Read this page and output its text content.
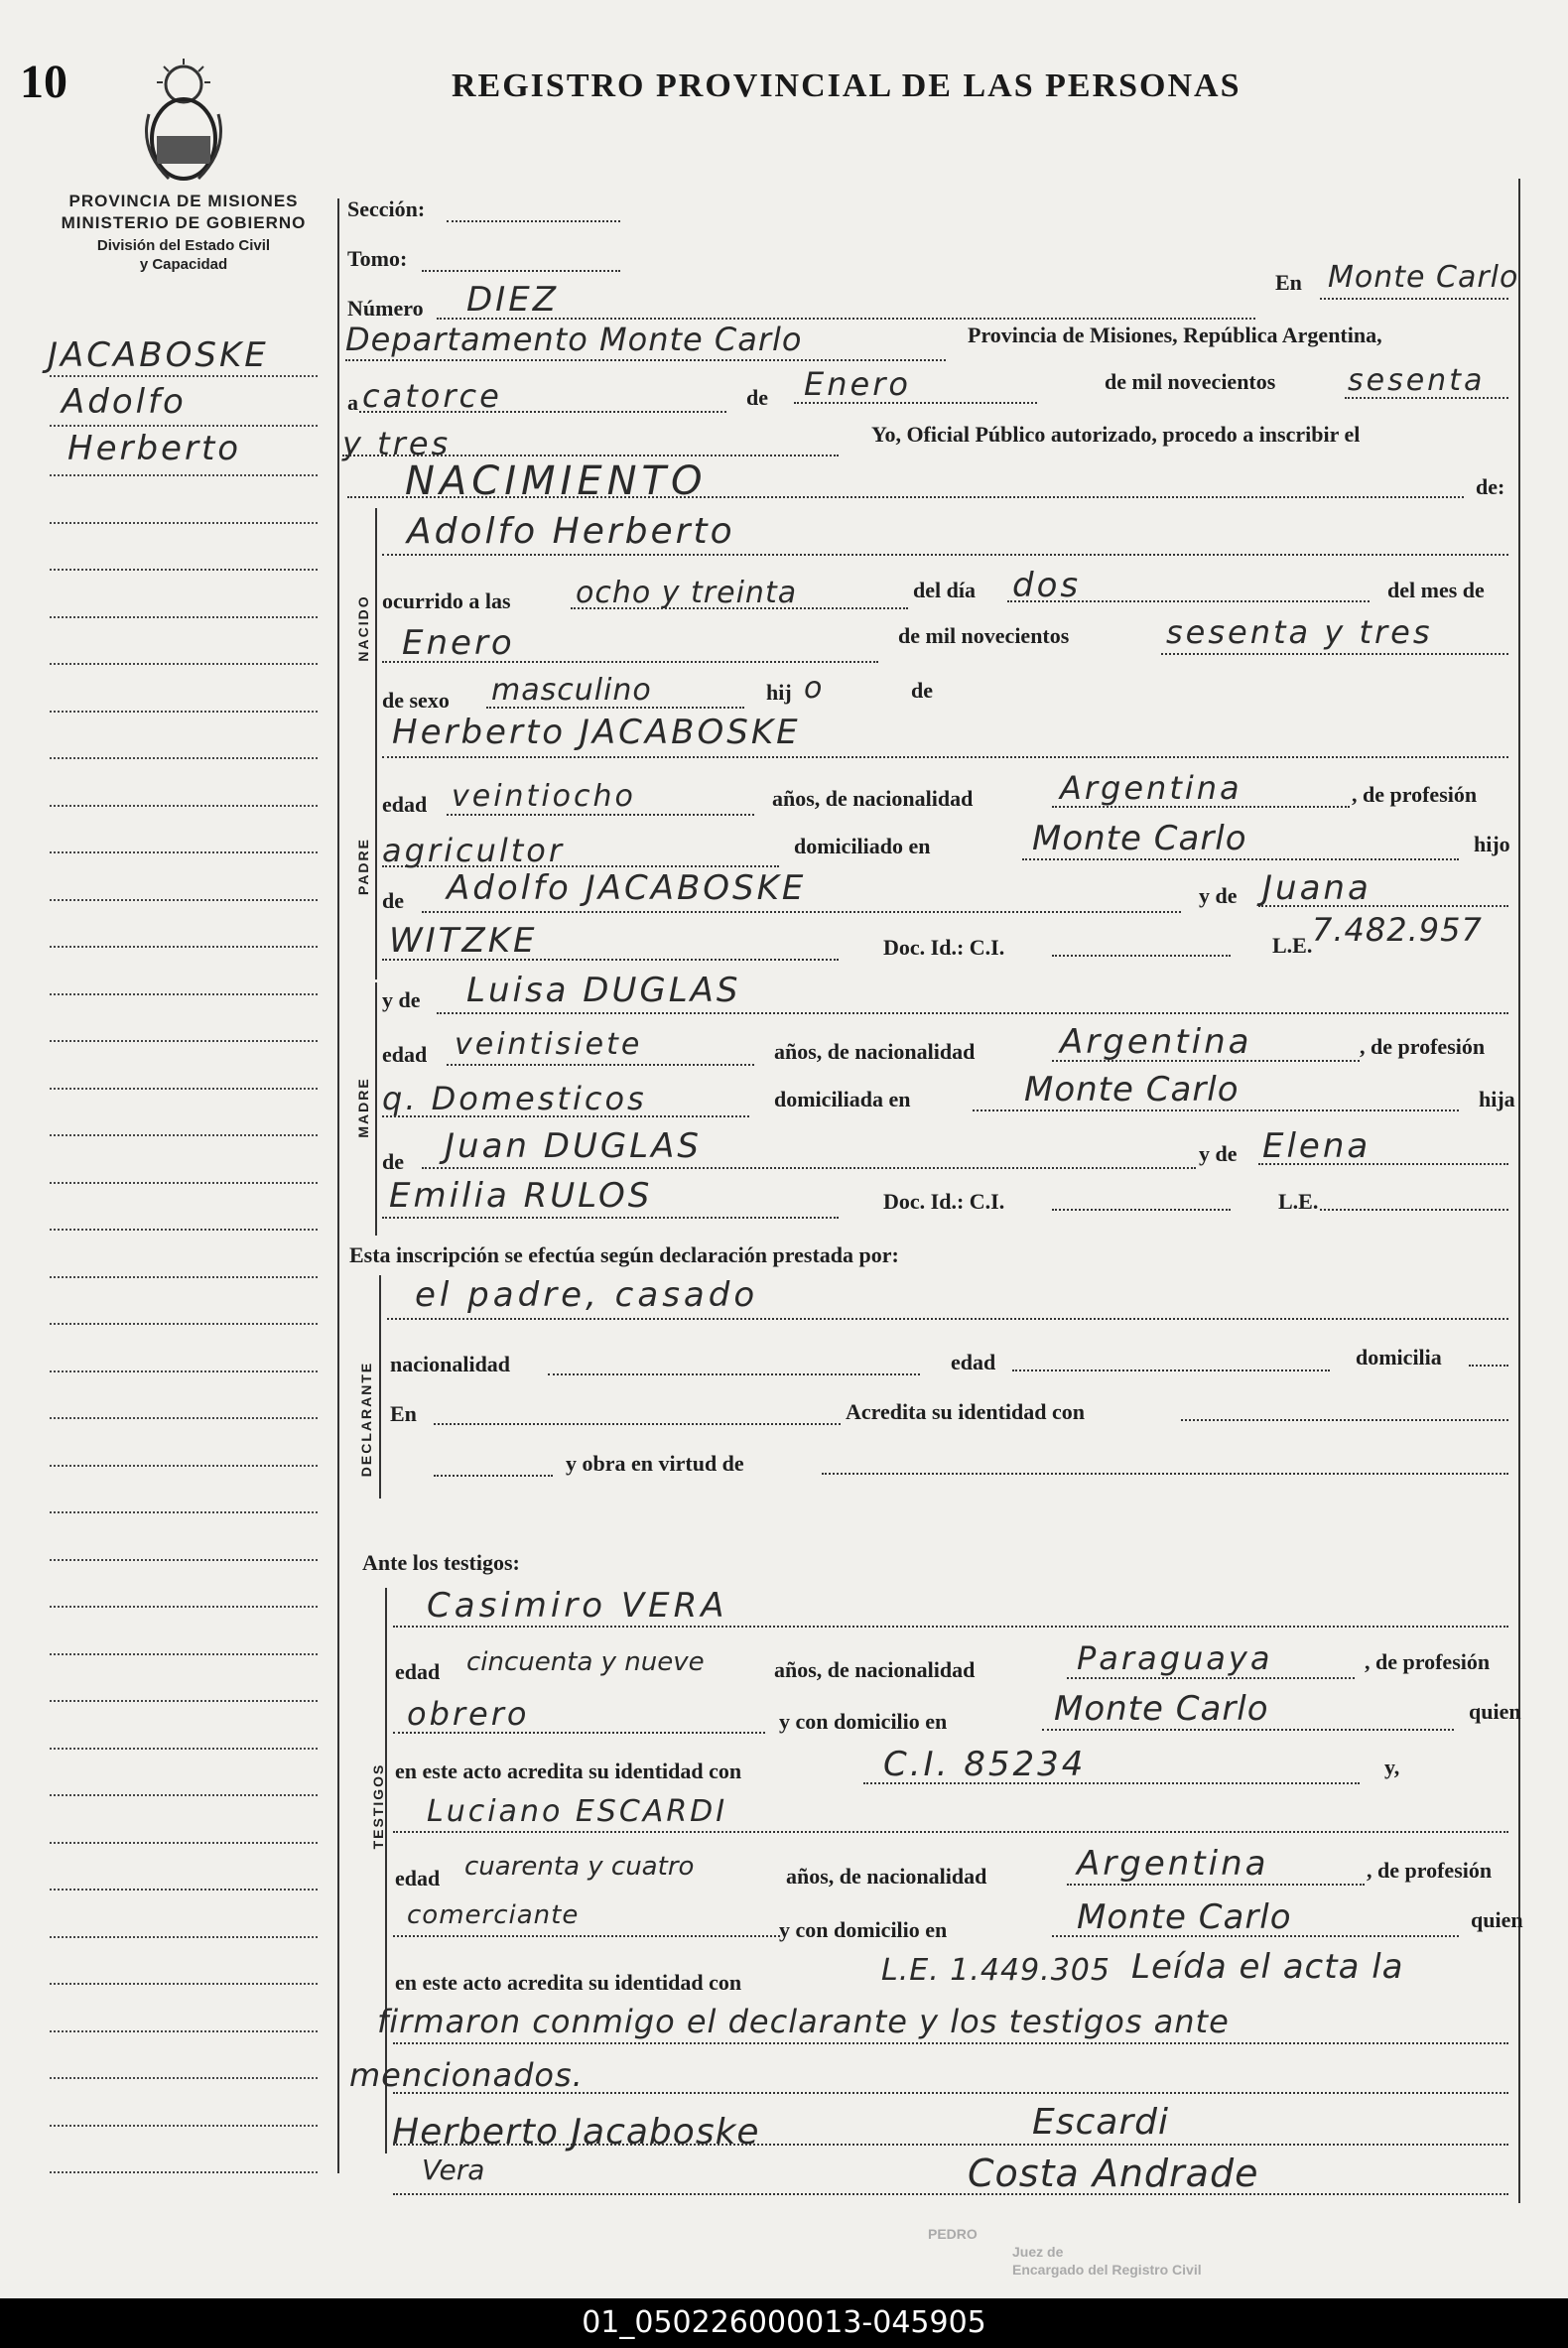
10	REGISTRO PROVINCIAL DE LAS PERSONAS
PROVINCIA DE MISIONES
MINISTERIO DE GOBIERNO
División del Estado Civil
y Capacidad
JACABOSKE
Adolfo
Herberto
Sección:
Tomo:
Número DIEZ	En Monte Carlo
Departamento Monte Carlo	Provincia de Misiones, República Argentina,
a catorce	de Enero	de mil novecientos sesenta
y tres	Yo, Oficial Público autorizado, procedo a inscribir el
NACIMIENTO	de:
NACIDO
Adolfo Herberto
ocurrido a las ocho y treinta	del día dos	del mes de
Enero	de mil novecientos	sesenta y tres
de sexo masculino	hij o	de
PADRE
Herberto JACABOSKE
edad veintiocho	años, de nacionalidad	Argentina	, de profesión
agricultor	domiciliado en	Monte Carlo	hijo
de Adolfo JACABOSKE	y de Juana
WITZKE	Doc. Id.: C.I.	L.E. 7.482.957
MADRE
y de Luisa DUGLAS
edad veintisiete	años, de nacionalidad	Argentina	, de profesión
q. Domesticos	domiciliada en	Monte Carlo	hija
de Juan DUGLAS	y de Elena
Emilia RULOS	Doc. Id.: C.I.	L.E.
Esta inscripción se efectúa según declaración prestada por:
DECLARANTE
el padre, casado
nacionalidad	edad	domicilia
En	Acredita su identidad con
y obra en virtud de
Ante los testigos:
TESTIGOS
Casimiro VERA
edad cincuenta y nueve	años, de nacionalidad	Paraguaya	, de profesión
obrero	y con domicilio en	Monte Carlo	quien
en este acto acredita su identidad con	C.I. 85234	y,
Luciano ESCARDI
edad cuarenta y cuatro	años, de nacionalidad	Argentina	, de profesión
comerciante	y con domicilio en	Monte Carlo	quien
en este acto acredita su identidad con	L.E. 1.449.305 Leída el acta la
firmaron conmigo el declarante y los testigos ante
mencionados.
Herberto Jacaboske
Vera
Escardi
Costa Andrade
PEDRO
Juez de
Encargado del Registro Civil
01_050226000013-045905
